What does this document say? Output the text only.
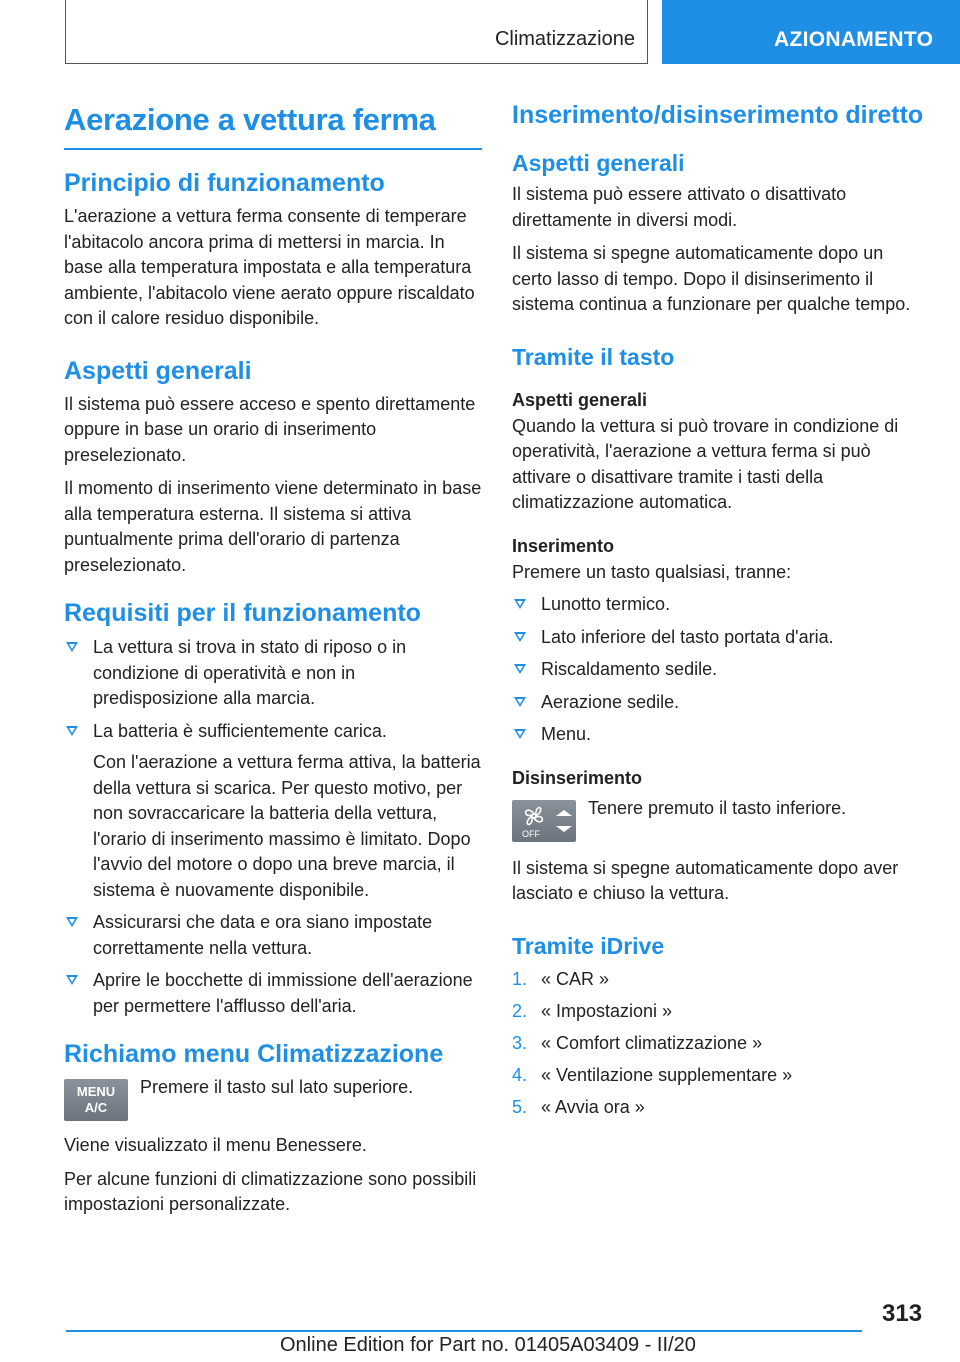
Climatizzazione	AZIONAMENTO
Aerazione a vettura ferma
Principio di funzionamento

L'aerazione a vettura ferma consente di temperare l'abitacolo ancora prima di mettersi in marcia. In base alla temperatura impostata e alla temperatura ambiente, l'abitacolo viene aerato oppure riscaldato con il calore residuo disponibile.

Aspetti generali

Il sistema può essere acceso e spento direttamente oppure in base un orario di inserimento preselezionato.

Il momento di inserimento viene determinato in base alla temperatura esterna. Il sistema si attiva puntualmente prima dell'orario di partenza preselezionato.

Requisiti per il funzionamento
La vettura si trova in stato di riposo o in condizione di operatività e non in predisposizione alla marcia.
La batteria è sufficientemente carica.

Con l'aerazione a vettura ferma attiva, la batteria della vettura si scarica. Per questo motivo, per non sovraccaricare la batteria della vettura, l'orario di inserimento massimo è limitato. Dopo l'avvio del motore o dopo una breve marcia, il sistema è nuovamente disponibile.

Assicurarsi che data e ora siano impostate correttamente nella vettura.
Aprire le bocchette di immissione dell'aerazione per permettere l'afflusso dell'aria.
Richiamo menu Climatizzazione
MENU
A/C

Premere il tasto sul lato superiore.

Viene visualizzato il menu Benessere.

Per alcune funzioni di climatizzazione sono possibili impostazioni personalizzate.

Inserimento/disinserimento diretto
Aspetti generali

Il sistema può essere attivato o disattivato direttamente in diversi modi.

Il sistema si spegne automaticamente dopo un certo lasso di tempo. Dopo il disinserimento il sistema continua a funzionare per qualche tempo.

Tramite il tasto
Aspetti generali

Quando la vettura si può trovare in condizione di operatività, l'aerazione a vettura ferma si può attivare o disattivare tramite i tasti della climatizzazione automatica.

Inserimento

Premere un tasto qualsiasi, tranne:

Lunotto termico.
Lato inferiore del tasto portata d'aria.
Riscaldamento sedile.
Aerazione sedile.
Menu.
Disinserimento
OFF

Tenere premuto il tasto inferiore.

Il sistema si spegne automaticamente dopo aver lasciato e chiuso la vettura.

Tramite iDrive
1. « CAR »
2. « Impostazioni »
3. « Comfort climatizzazione »
4. « Ventilazione supplementare »
5. « Avvia ora »
313
Online Edition for Part no. 01405A03409 - II/20
